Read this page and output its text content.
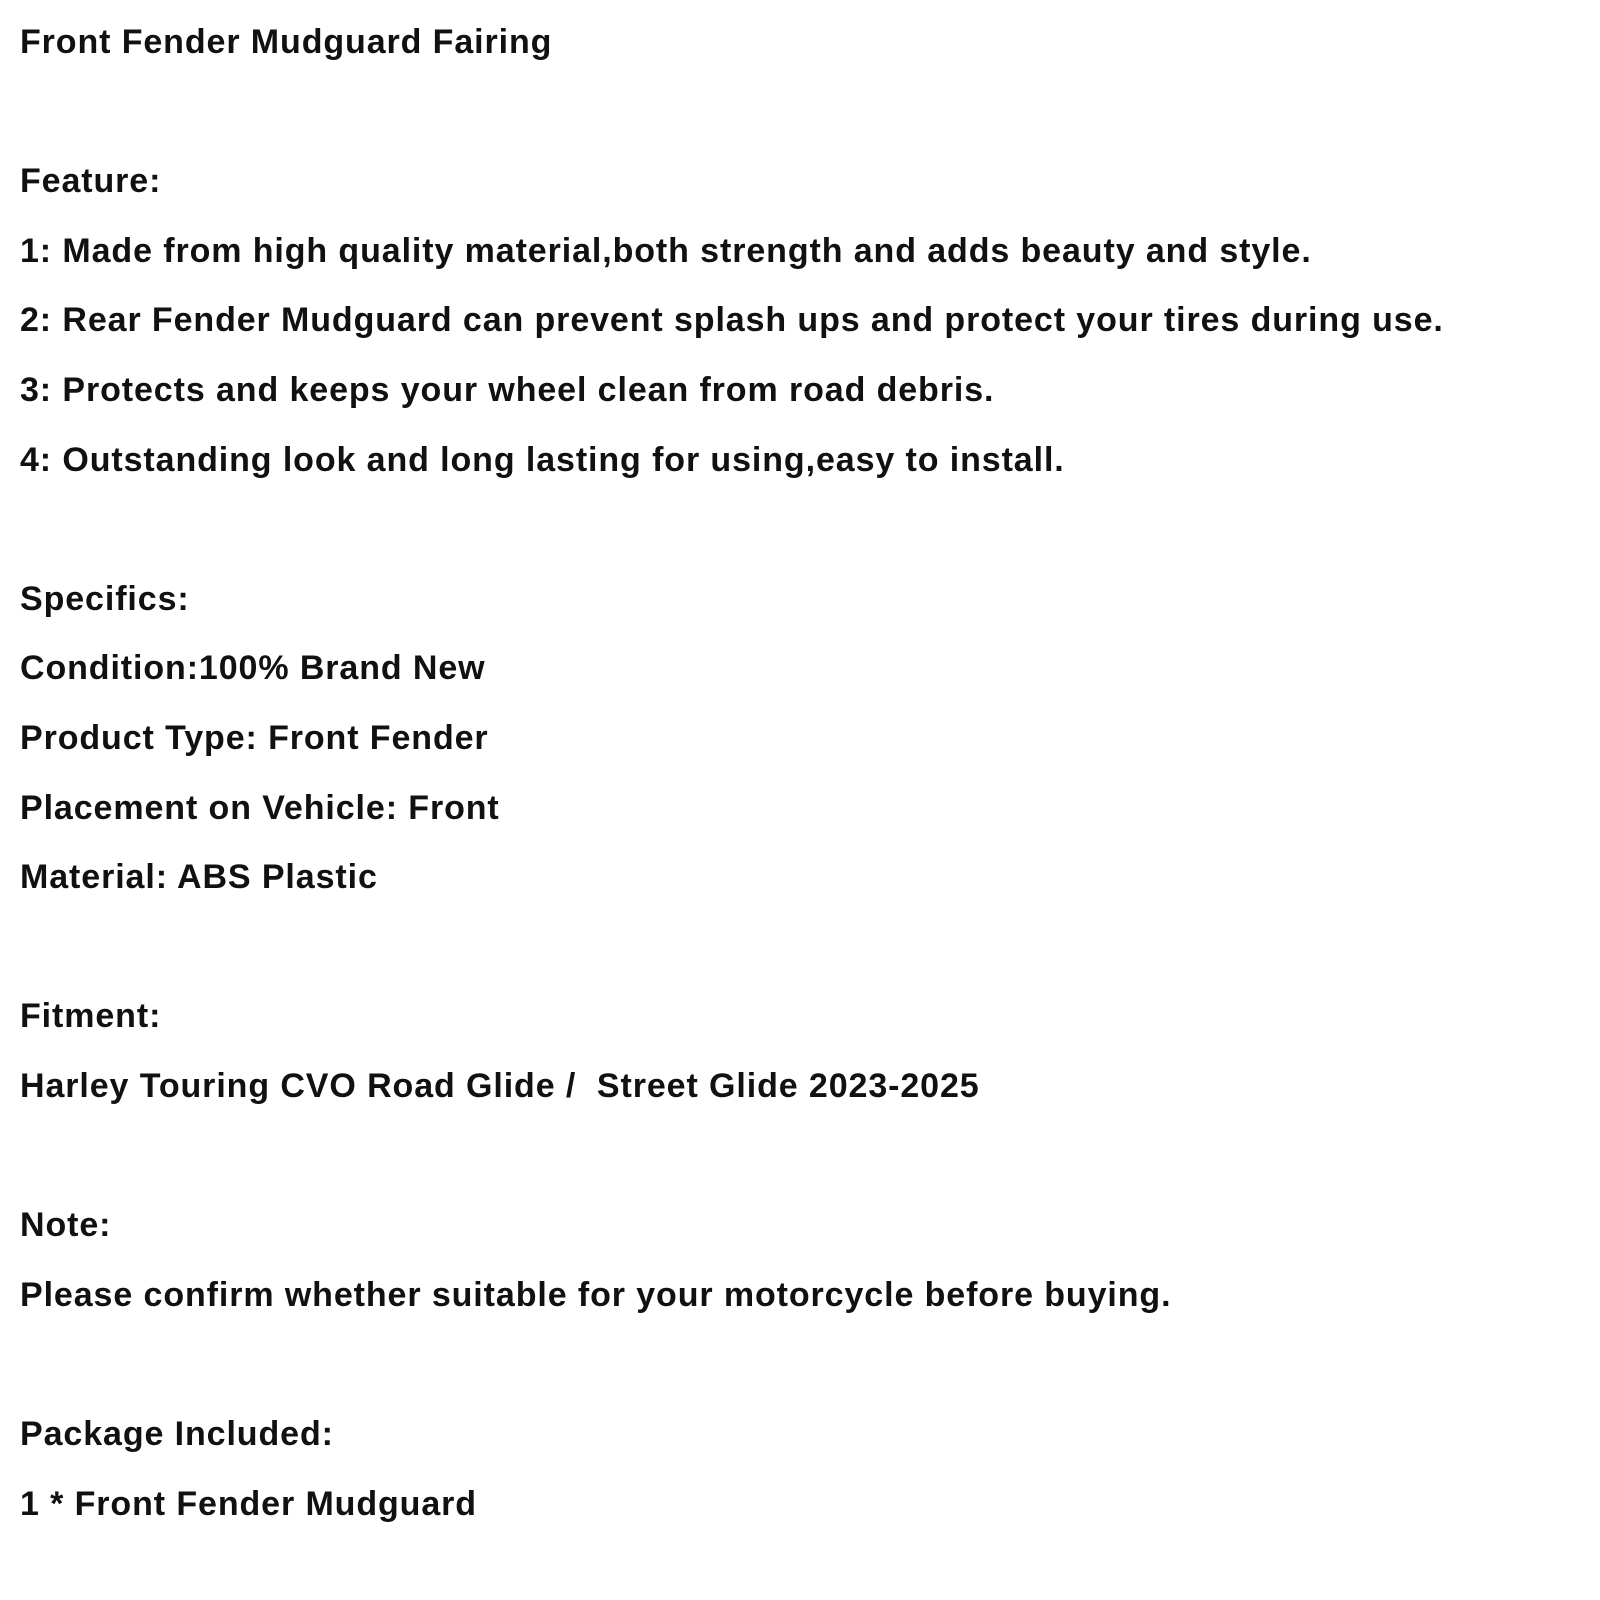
Front Fender Mudguard Fairing
Feature:
1: Made from high quality material,both strength and adds beauty and style.
2: Rear Fender Mudguard can prevent splash ups and protect your tires during use.
3: Protects and keeps your wheel clean from road debris.
4: Outstanding look and long lasting for using,easy to install.
Specifics:
Condition:100% Brand New
Product Type: Front Fender
Placement on Vehicle: Front
Material: ABS Plastic
Fitment:
Harley Touring CVO Road Glide /  Street Glide 2023-2025
Note:
Please confirm whether suitable for your motorcycle before buying.
Package Included:
1 * Front Fender Mudguard
